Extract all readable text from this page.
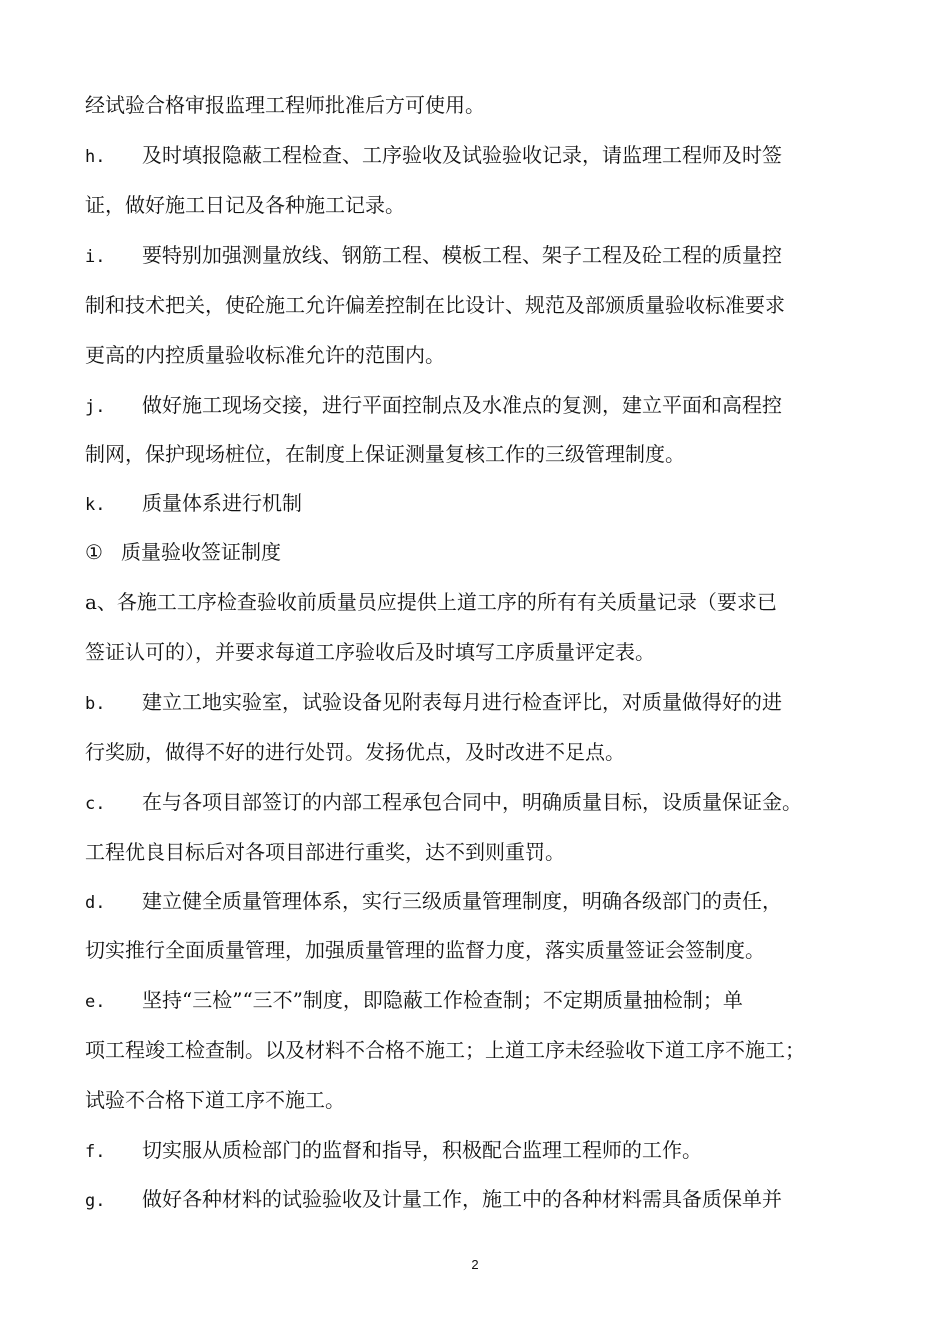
经试验合格审报监理工程师批准后方可使用。
h. 及时填报隐蔽工程检查、工序验收及试验验收记录，请监理工程师及时签
证，做好施工日记及各种施工记录。
i. 要特别加强测量放线、钢筋工程、模板工程、架子工程及砼工程的质量控
制和技术把关，使砼施工允许偏差控制在比设计、规范及部颁质量验收标准要求
更高的内控质量验收标准允许的范围内。
j. 做好施工现场交接，进行平面控制点及水准点的复测，建立平面和高程控
制网，保护现场桩位，在制度上保证测量复核工作的三级管理制度。
k. 质量体系进行机制
① 质量验收签证制度
a、各施工工序检查验收前质量员应提供上道工序的所有有关质量记录（要求已
签证认可的），并要求每道工序验收后及时填写工序质量评定表。
b. 建立工地实验室，试验设备见附表每月进行检查评比，对质量做得好的进
行奖励，做得不好的进行处罚。发扬优点，及时改进不足点。
c. 在与各项目部签订的内部工程承包合同中，明确质量目标，设质量保证金。
工程优良目标后对各项目部进行重奖，达不到则重罚。
d. 建立健全质量管理体系，实行三级质量管理制度，明确各级部门的责任，
切实推行全面质量管理，加强质量管理的监督力度，落实质量签证会签制度。
e. 坚持“三检”“三不”制度，即隐蔽工作检查制；不定期质量抽检制；单
项工程竣工检查制。以及材料不合格不施工；上道工序未经验收下道工序不施工；
试验不合格下道工序不施工。
f. 切实服从质检部门的监督和指导，积极配合监理工程师的工作。
g. 做好各种材料的试验验收及计量工作，施工中的各种材料需具备质保单并
2
